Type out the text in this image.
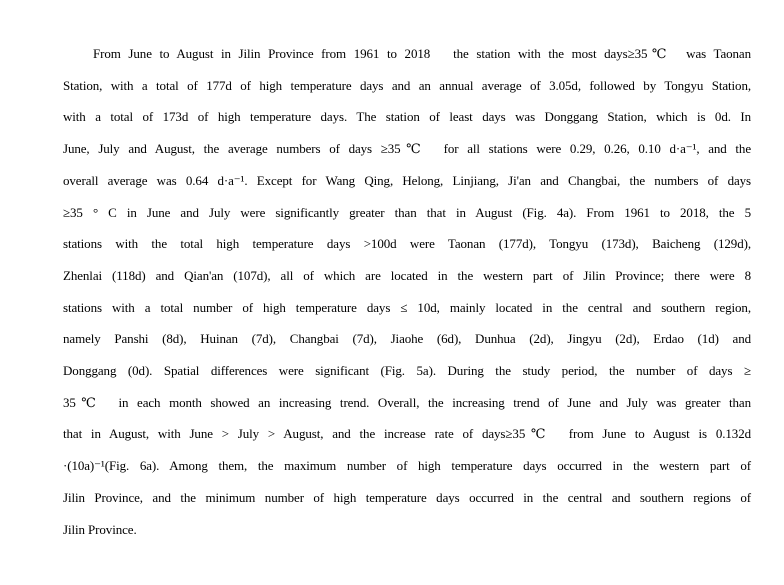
From June to August in Jilin Province from 1961 to 2018   the station with the most days≥35℃  was Taonan
Station, with a total of 177d of high temperature days and an annual average of 3.05d, followed by Tongyu Station,
with a total of 173d of high temperature days. The station of least days was Donggang Station, which is 0d. In
June, July and August, the average numbers of days ≥35℃  for all stations were 0.29, 0.26, 0.10 d·a⁻¹, and the
overall average was 0.64 d·a⁻¹. Except for Wang Qing, Helong, Linjiang, Ji'an and Changbai, the numbers of days
≥35 ° C in June and July were significantly greater than that in August (Fig. 4a). From 1961 to 2018, the 5
stations with the total high temperature days >100d were Taonan (177d), Tongyu (173d), Baicheng (129d),
Zhenlai (118d) and Qian'an (107d), all of which are located in the western part of Jilin Province; there were 8
stations with a total number of high temperature days ≤ 10d, mainly located in the central and southern region,
namely Panshi (8d), Huinan (7d), Changbai (7d), Jiaohe (6d), Dunhua (2d), Jingyu (2d), Erdao (1d) and
Donggang (0d). Spatial differences were significant (Fig. 5a). During the study period, the number of days ≥
35℃  in each month showed an increasing trend. Overall, the increasing trend of June and July was greater than
that in August, with June > July > August, and the increase rate of days≥35℃  from June to August is 0.132d
·(10a)⁻¹(Fig. 6a). Among them, the maximum number of high temperature days occurred in the western part of
Jilin Province, and the minimum number of high temperature days occurred in the central and southern regions of
Jilin Province.
